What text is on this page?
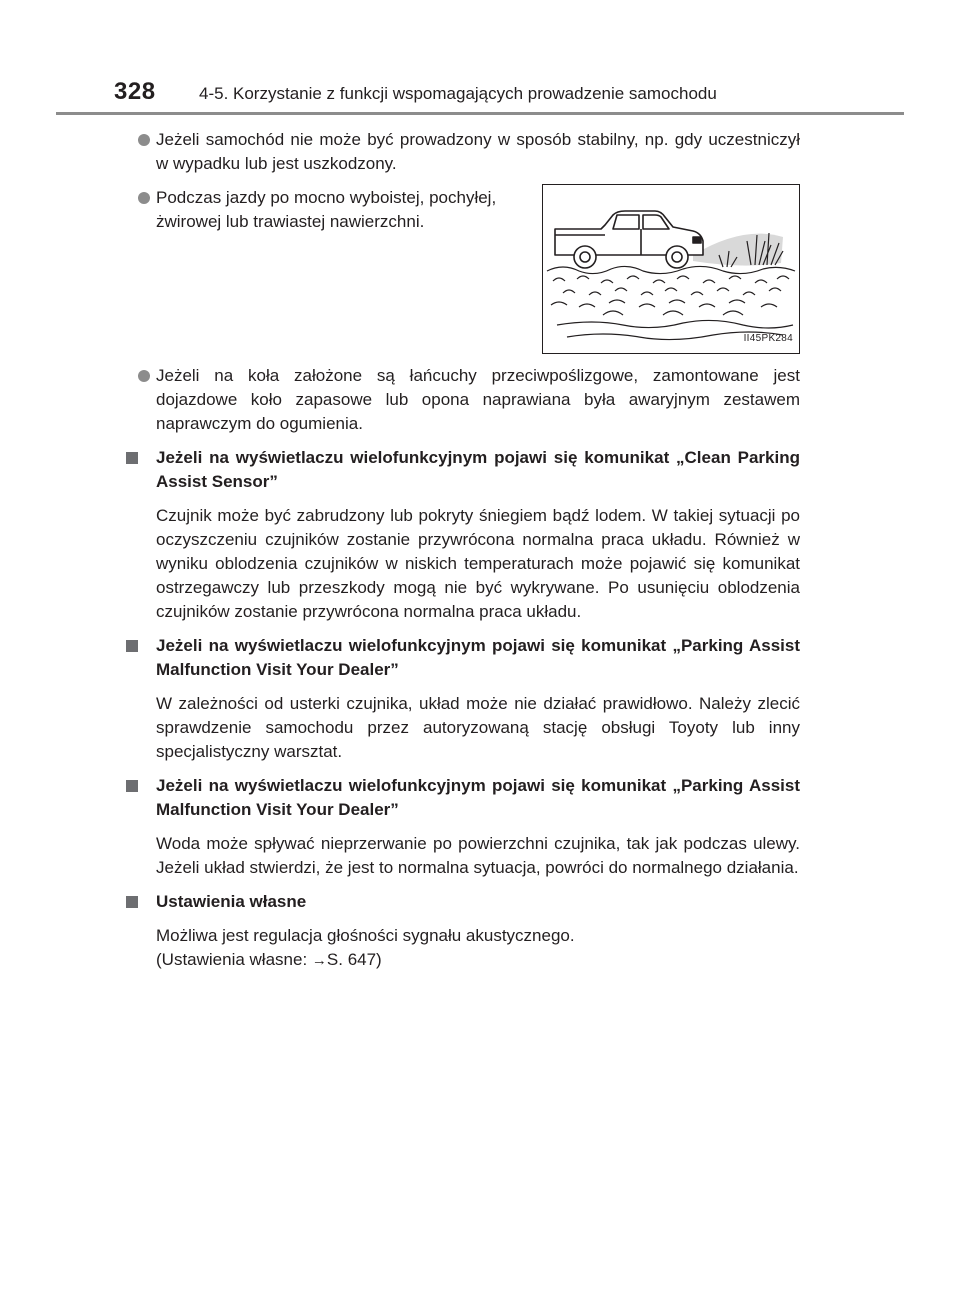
328	4-5. Korzystanie z funkcji wspomagających prowadzenie samochodu
Jeżeli samochód nie może być prowadzony w sposób stabilny, np. gdy uczestniczył w wypadku lub jest uszkodzony.
Podczas jazdy po mocno wyboistej, pochyłej, żwirowej lub trawiastej nawierzchni.
II45PK284
Jeżeli na koła założone są łańcuchy przeciwpoślizgowe, zamontowane jest dojazdowe koło zapasowe lub opona naprawiana była awaryjnym zestawem naprawczym do ogumienia.
Jeżeli na wyświetlaczu wielofunkcyjnym pojawi się komunikat „Clean Parking Assist Sensor”
Czujnik może być zabrudzony lub pokryty śniegiem bądź lodem. W takiej sytuacji po oczyszczeniu czujników zostanie przywrócona normalna praca układu. Również w wyniku oblodzenia czujników w niskich temperaturach może pojawić się komunikat ostrzegawczy lub przeszkody mogą nie być wykrywane. Po usunięciu oblodzenia czujników zostanie przywrócona normalna praca układu.
Jeżeli na wyświetlaczu wielofunkcyjnym pojawi się komunikat „Parking Assist Malfunction Visit Your Dealer”
W zależności od usterki czujnika, układ może nie działać prawidłowo. Należy zlecić sprawdzenie samochodu przez autoryzowaną stację obsługi Toyoty lub inny specjalistyczny warsztat.
Jeżeli na wyświetlaczu wielofunkcyjnym pojawi się komunikat „Parking Assist Malfunction Visit Your Dealer”
Woda może spływać nieprzerwanie po powierzchni czujnika, tak jak podczas ulewy. Jeżeli układ stwierdzi, że jest to normalna sytuacja, powróci do normalnego działania.
Ustawienia własne
Możliwa jest regulacja głośności sygnału akustycznego.
(Ustawienia własne: →S. 647)
